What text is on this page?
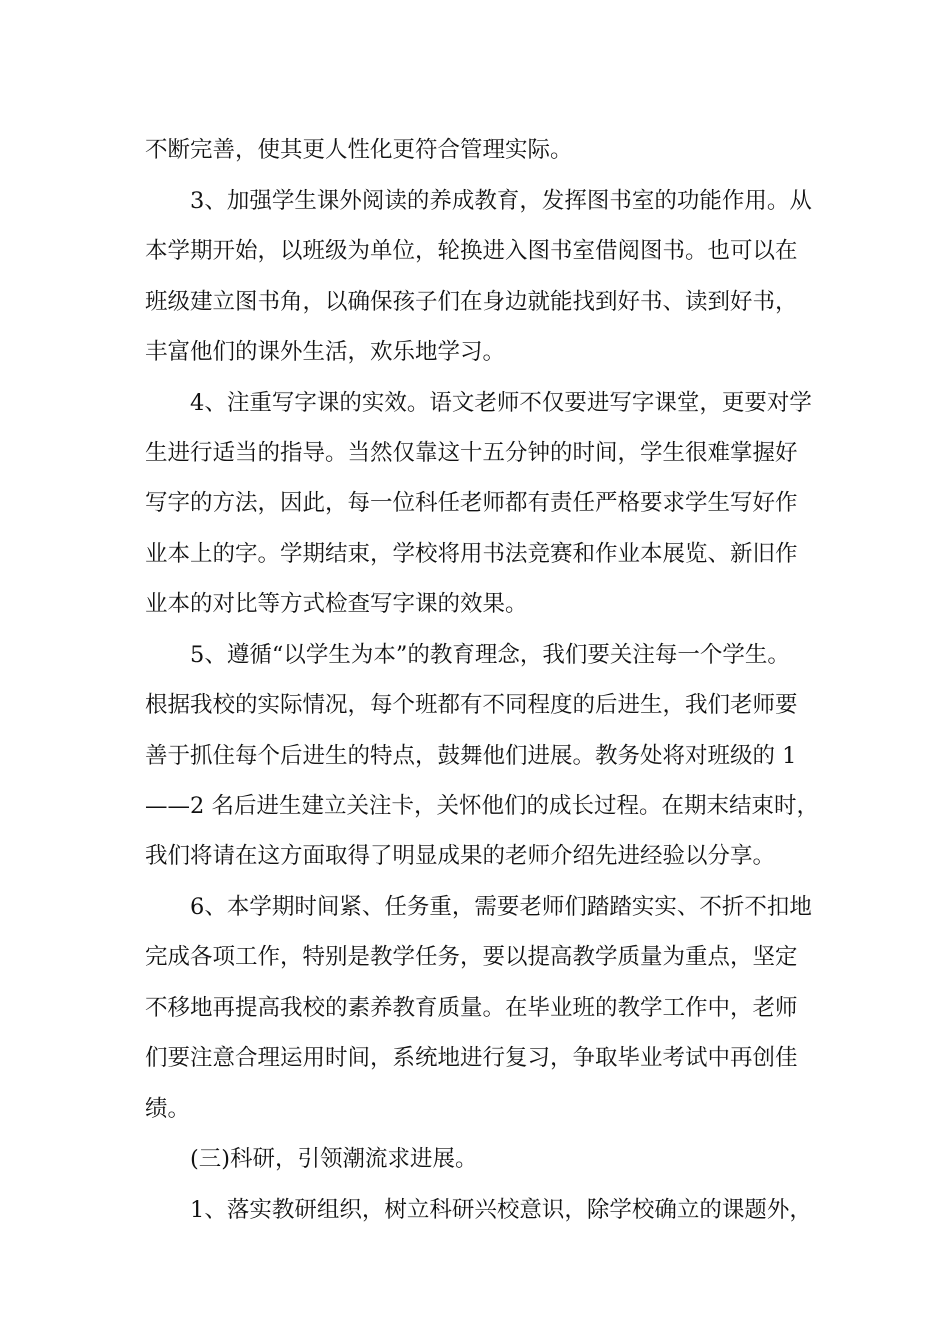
不断完善，使其更人性化更符合管理实际。

3、加强学生课外阅读的养成教育，发挥图书室的功能作用。从

本学期开始，以班级为单位，轮换进入图书室借阅图书。也可以在

班级建立图书角，以确保孩子们在身边就能找到好书、读到好书，

丰富他们的课外生活，欢乐地学习。

4、注重写字课的实效。语文老师不仅要进写字课堂，更要对学

生进行适当的指导。当然仅靠这十五分钟的时间，学生很难掌握好

写字的方法，因此，每一位科任老师都有责任严格要求学生写好作

业本上的字。学期结束，学校将用书法竞赛和作业本展览、新旧作

业本的对比等方式检查写字课的效果。

5、遵循“以学生为本”的教育理念，我们要关注每一个学生。

根据我校的实际情况，每个班都有不同程度的后进生，我们老师要

善于抓住每个后进生的特点，鼓舞他们进展。教务处将对班级的 1

——2 名后进生建立关注卡，关怀他们的成长过程。在期末结束时，

我们将请在这方面取得了明显成果的老师介绍先进经验以分享。

6、本学期时间紧、任务重，需要老师们踏踏实实、不折不扣地

完成各项工作，特别是教学任务，要以提高教学质量为重点，坚定

不移地再提高我校的素养教育质量。在毕业班的教学工作中，老师

们要注意合理运用时间，系统地进行复习，争取毕业考试中再创佳

绩。

(三)科研，引领潮流求进展。

1、落实教研组织，树立科研兴校意识，除学校确立的课题外，
